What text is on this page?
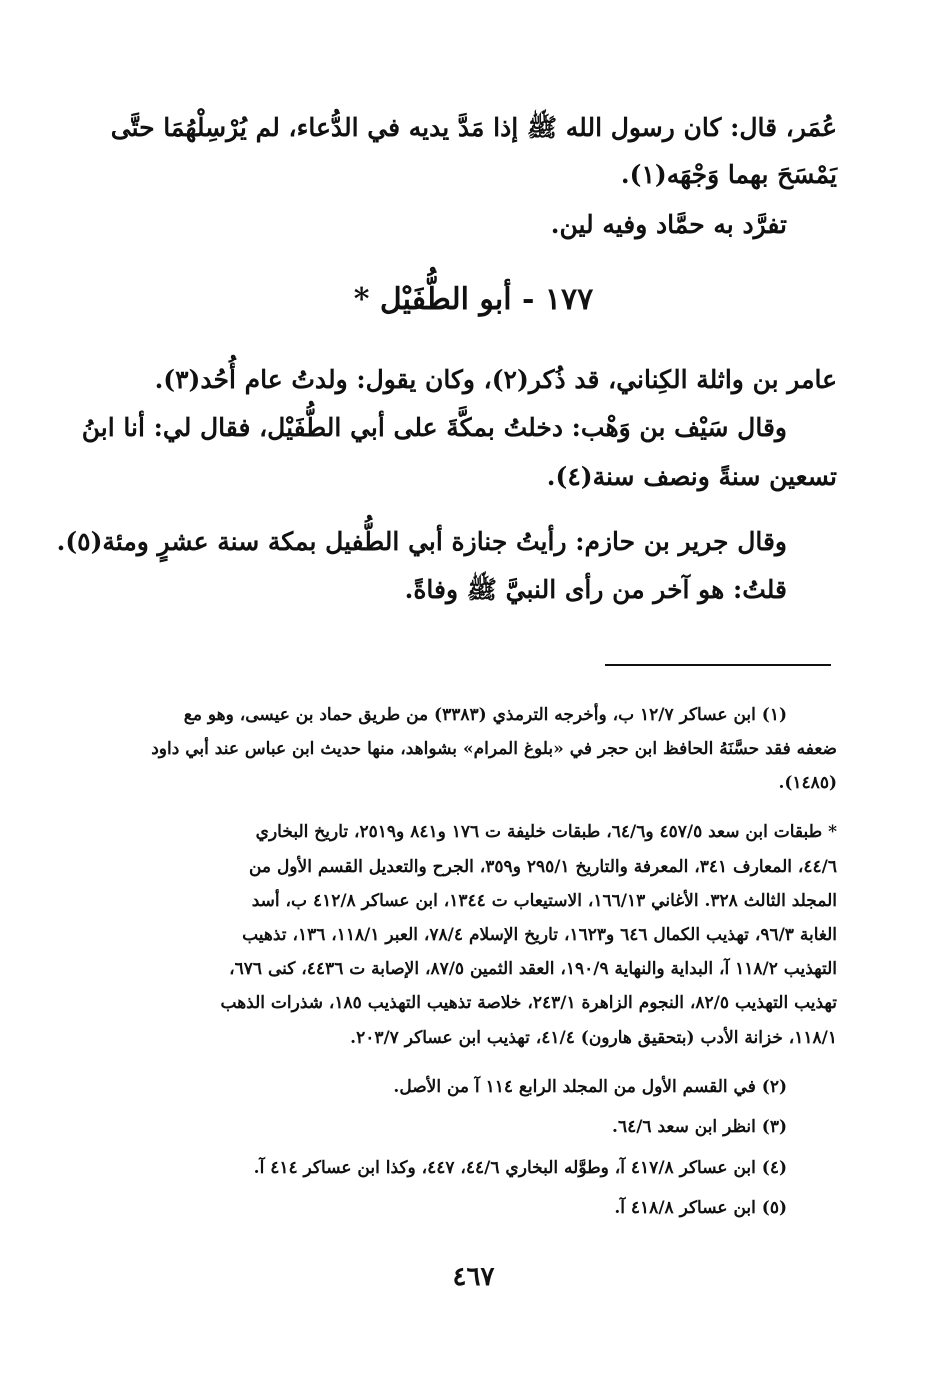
عُمَر، قال: كان رسول الله ﷺ إذا مَدَّ يديه في الدُّعاء، لم يُرْسِلْهُمَا حتَّى
يَمْسَحَ بهما وَجْهَه(١).
تفرَّد به حمَّاد وفيه لين.
١٧٧ - أبو الطُّفَيْل *
عامر بن واثلة الكِناني، قد ذُكر(٢)، وكان يقول: ولدتُ عام أُحُد(٣).
وقال سَيْف بن وَهْب: دخلتُ بمكَّةَ على أبي الطُّفَيْل، فقال لي: أنا ابنُ
تسعين سنةً ونصف سنة(٤).
وقال جرير بن حازم: رأيتُ جنازة أبي الطُّفيل بمكة سنة عشرٍ ومئة(٥).
قلتُ: هو آخر من رأى النبيَّ ﷺ وفاةً.
(١) ابن عساكر ١٢/٧ ب، وأخرجه الترمذي (٣٣٨٣) من طريق حماد بن عيسى، وهو مع
ضعفه فقد حسَّنَهُ الحافظ ابن حجر في «بلوغ المرام» بشواهد، منها حديث ابن عباس عند أبي داود
(١٤٨٥).
* طبقات ابن سعد ٤٥٧/٥ و٦٤/٦، طبقات خليفة ت ١٧٦ و٨٤١ و٢٥١٩، تاريخ البخاري
٤٤/٦، المعارف ٣٤١، المعرفة والتاريخ ٢٩٥/١ و٣٥٩، الجرح والتعديل القسم الأول من
المجلد الثالث ٣٢٨. الأغاني ١٦٦/١٣، الاستيعاب ت ١٣٤٤، ابن عساكر ٤١٢/٨ ب، أسد
الغابة ٩٦/٣، تهذيب الكمال ٦٤٦ و١٦٢٣، تاريخ الإسلام ٧٨/٤، العبر ١١٨/١، ١٣٦، تذهيب
التهذيب ١١٨/٢ آ، البداية والنهاية ١٩٠/٩، العقد الثمين ٨٧/٥، الإصابة ت ٤٤٣٦، كنى ٦٧٦،
تهذيب التهذيب ٨٢/٥، النجوم الزاهرة ٢٤٣/١، خلاصة تذهيب التهذيب ١٨٥، شذرات الذهب
١١٨/١، خزانة الأدب (بتحقيق هارون) ٤١/٤، تهذيب ابن عساكر ٢٠٣/٧.
(٢) في القسم الأول من المجلد الرابع ١١٤ آ من الأصل.
(٣) انظر ابن سعد ٦٤/٦.
(٤) ابن عساكر ٤١٧/٨ آ، وطوَّله البخاري ٤٤/٦، ٤٤٧، وكذا ابن عساكر ٤١٤ آ.
(٥) ابن عساكر ٤١٨/٨ آ.
٤٦٧
